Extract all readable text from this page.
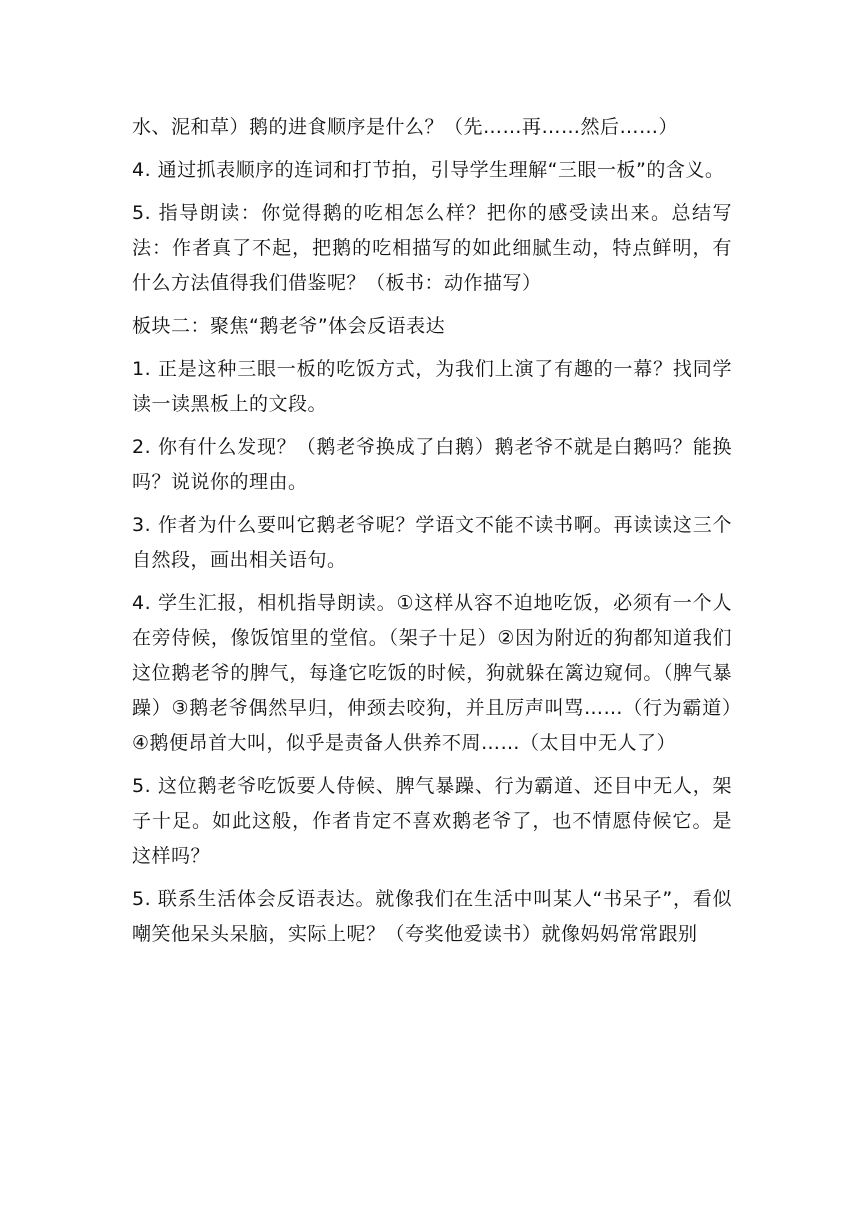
水、泥和草）鹅的进食顺序是什么？（先……再……然后……）

4. 通过抓表顺序的连词和打节拍，引导学生理解“三眼一板”的含义。

5. 指导朗读：你觉得鹅的吃相怎么样？把你的感受读出来。总结写法：作者真了不起，把鹅的吃相描写的如此细腻生动，特点鲜明，有什么方法值得我们借鉴呢？（板书：动作描写）

板块二：聚焦“鹅老爷”体会反语表达

1. 正是这种三眼一板的吃饭方式，为我们上演了有趣的一幕？找同学读一读黑板上的文段。

2. 你有什么发现？（鹅老爷换成了白鹅）鹅老爷不就是白鹅吗？能换吗？说说你的理由。

3. 作者为什么要叫它鹅老爷呢？学语文不能不读书啊。再读读这三个自然段，画出相关语句。

4. 学生汇报，相机指导朗读。①这样从容不迫地吃饭，必须有一个人在旁侍候，像饭馆里的堂倌。（架子十足）②因为附近的狗都知道我们这位鹅老爷的脾气，每逢它吃饭的时候，狗就躲在篱边窥伺。（脾气暴躁）③鹅老爷偶然早归，伸颈去咬狗，并且厉声叫骂……（行为霸道）④鹅便昂首大叫，似乎是责备人供养不周……（太目中无人了）

5. 这位鹅老爷吃饭要人侍候、脾气暴躁、行为霸道、还目中无人，架子十足。如此这般，作者肯定不喜欢鹅老爷了，也不情愿侍候它。是这样吗？

5. 联系生活体会反语表达。就像我们在生活中叫某人“书呆子”，看似嘲笑他呆头呆脑，实际上呢？（夸奖他爱读书）就像妈妈常常跟别
